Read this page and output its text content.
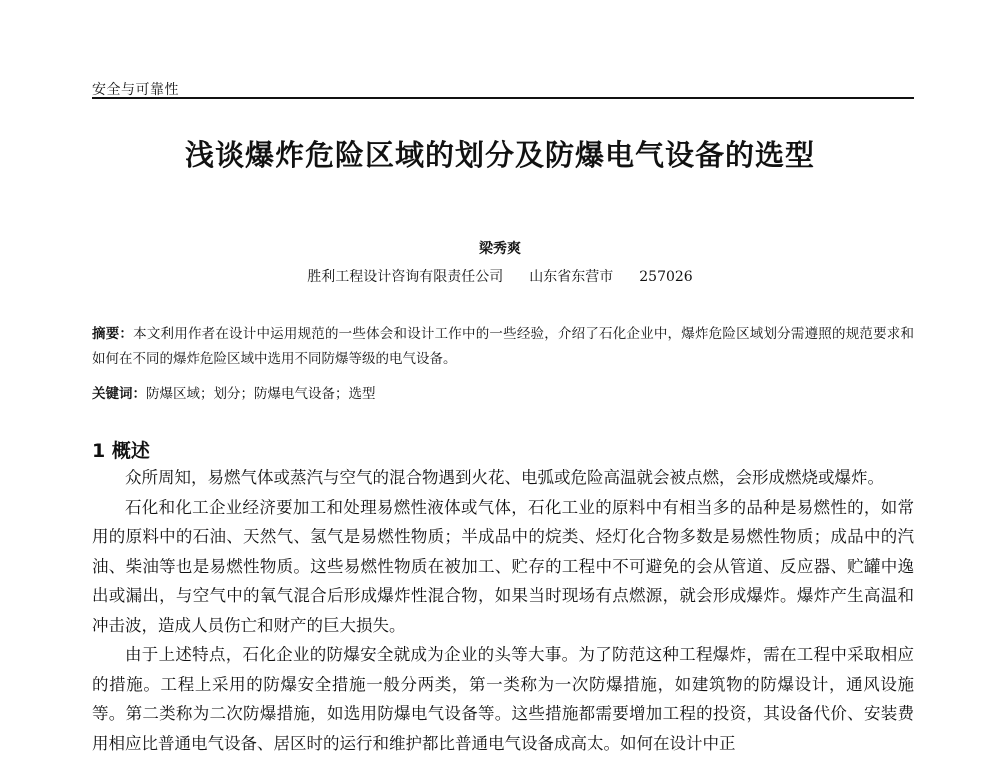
安全与可靠性
浅谈爆炸危险区域的划分及防爆电气设备的选型
梁秀爽
胜利工程设计咨询有限责任公司 山东省东营市 257026
摘要：本文利用作者在设计中运用规范的一些体会和设计工作中的一些经验，介绍了石化企业中，爆炸危险区域划分需遵照的规范要求和如何在不同的爆炸危险区域中选用不同防爆等级的电气设备。
关键词：防爆区域；划分；防爆电气设备；选型
1 概述

众所周知，易燃气体或蒸汽与空气的混合物遇到火花、电弧或危险高温就会被点燃，会形成燃烧或爆炸。

石化和化工企业经济要加工和处理易燃性液体或气体，石化工业的原料中有相当多的品种是易燃性的，如常用的原料中的石油、天然气、氢气是易燃性物质；半成品中的烷类、烃灯化合物多数是易燃性物质；成品中的汽油、柴油等也是易燃性物质。这些易燃性物质在被加工、贮存的工程中不可避免的会从管道、反应器、贮罐中逸出或漏出，与空气中的氧气混合后形成爆炸性混合物，如果当时现场有点燃源，就会形成爆炸。爆炸产生高温和冲击波，造成人员伤亡和财产的巨大损失。

由于上述特点，石化企业的防爆安全就成为企业的头等大事。为了防范这种工程爆炸，需在工程中采取相应的措施。工程上采用的防爆安全措施一般分两类，第一类称为一次防爆措施，如建筑物的防爆设计，通风设施等。第二类称为二次防爆措施，如选用防爆电气设备等。这些措施都需要增加工程的投资，其设备代价、安装费用相应比普通电气设备、居区时的运行和维护都比普通电气设备成高太。如何在设计中正
